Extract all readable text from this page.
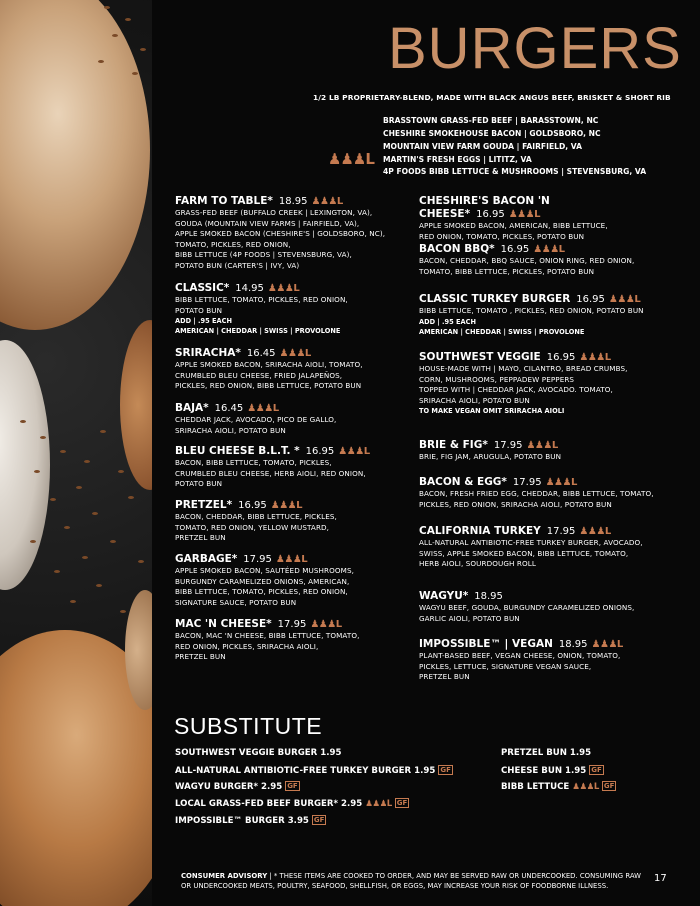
BURGERS
1/2 LB PROPRIETARY-BLEND, MADE WITH BLACK ANGUS BEEF, BRISKET & SHORT RIB
BRASSTOWN GRASS-FED BEEF | BARASSTOWN, NC
CHESHIRE SMOKEHOUSE BACON | GOLDSBORO, NC
MOUNTAIN VIEW FARM GOUDA | FAIRFIELD, VA
MARTIN'S FRESH EGGS | LITITZ, VA
4P FOODS BIBB LETTUCE & MUSHROOMS | STEVENSBURG, VA
♟♟♟L
FARM TO TABLE* 18.95 ♟♟♟L
GRASS-FED BEEF (BUFFALO CREEK | LEXINGTON, VA),
GOUDA (MOUNTAIN VIEW FARMS | FAIRFIELD, VA),
APPLE SMOKED BACON (CHESHIRE'S | GOLDSBORO, NC),
TOMATO, PICKLES, RED ONION,
BIBB LETTUCE (4P FOODS | STEVENSBURG, VA),
POTATO BUN (CARTER'S | IVY, VA)
CLASSIC* 14.95 ♟♟♟L
BIBB LETTUCE, TOMATO, PICKLES, RED ONION,
POTATO BUN
ADD | .95 EACH
AMERICAN | CHEDDAR | SWISS | PROVOLONE
SRIRACHA* 16.45 ♟♟♟L
APPLE SMOKED BACON, SRIRACHA AIOLI, TOMATO,
CRUMBLED BLEU CHEESE, FRIED JALAPEÑOS,
PICKLES, RED ONION, BIBB LETTUCE, POTATO BUN
BAJA* 16.45 ♟♟♟L
CHEDDAR JACK, AVOCADO, PICO DE GALLO,
SRIRACHA AIOLI, POTATO BUN
BLEU CHEESE B.L.T. * 16.95 ♟♟♟L
BACON, BIBB LETTUCE, TOMATO, PICKLES,
CRUMBLED BLEU CHEESE, HERB AIOLI, RED ONION,
POTATO BUN
PRETZEL* 16.95 ♟♟♟L
BACON, CHEDDAR, BIBB LETTUCE, PICKLES,
TOMATO, RED ONION, YELLOW MUSTARD,
PRETZEL BUN
GARBAGE* 17.95 ♟♟♟L
APPLE SMOKED BACON, SAUTÉED MUSHROOMS,
BURGUNDY CARAMELIZED ONIONS, AMERICAN,
BIBB LETTUCE, TOMATO, PICKLES, RED ONION,
SIGNATURE SAUCE, POTATO BUN
MAC 'N CHEESE* 17.95 ♟♟♟L
BACON, MAC 'N CHEESE, BIBB LETTUCE, TOMATO,
RED ONION, PICKLES, SRIRACHA AIOLI,
PRETZEL BUN
CHESHIRE'S BACON 'N CHEESE* 16.95 ♟♟♟L
APPLE SMOKED BACON, AMERICAN, BIBB LETTUCE,
RED ONION, TOMATO, PICKLES, POTATO BUN
BACON BBQ* 16.95 ♟♟♟L
BACON, CHEDDAR, BBQ SAUCE, ONION RING, RED ONION,
TOMATO, BIBB LETTUCE, PICKLES, POTATO BUN
CLASSIC TURKEY BURGER 16.95 ♟♟♟L
BIBB LETTUCE, TOMATO , PICKLES, RED ONION, POTATO BUN
ADD | .95 EACH
AMERICAN | CHEDDAR | SWISS | PROVOLONE
SOUTHWEST VEGGIE 16.95 ♟♟♟L
HOUSE-MADE WITH | MAYO, CILANTRO, BREAD CRUMBS,
CORN, MUSHROOMS, PEPPADEW PEPPERS
TOPPED WITH | CHEDDAR JACK, AVOCADO. TOMATO,
SRIRACHA AIOLI, POTATO BUN
TO MAKE VEGAN OMIT SRIRACHA AIOLI
BRIE & FIG* 17.95 ♟♟♟L
BRIE, FIG JAM, ARUGULA, POTATO BUN
BACON & EGG* 17.95 ♟♟♟L
BACON, FRESH FRIED EGG, CHEDDAR, BIBB LETTUCE, TOMATO,
PICKLES, RED ONION, SRIRACHA AIOLI, POTATO BUN
CALIFORNIA TURKEY 17.95 ♟♟♟L
ALL-NATURAL ANTIBIOTIC-FREE TURKEY BURGER, AVOCADO,
SWISS, APPLE SMOKED BACON, BIBB LETTUCE, TOMATO,
HERB AIOLI, SOURDOUGH ROLL
WAGYU* 18.95
WAGYU BEEF, GOUDA, BURGUNDY CARAMELIZED ONIONS,
GARLIC AIOLI, POTATO BUN
IMPOSSIBLE™ | VEGAN 18.95 ♟♟♟L
PLANT-BASED BEEF, VEGAN CHEESE, ONION, TOMATO,
PICKLES, LETTUCE, SIGNATURE VEGAN SAUCE,
PRETZEL BUN
SUBSTITUTE
SOUTHWEST VEGGIE BURGER 1.95
ALL-NATURAL ANTIBIOTIC-FREE TURKEY BURGER 1.95 GF
WAGYU BURGER* 2.95 GF
LOCAL GRASS-FED BEEF BURGER* 2.95 ♟♟♟L GF
IMPOSSIBLE™ BURGER 3.95 GF
PRETZEL BUN 1.95
CHEESE BUN 1.95 GF
BIBB LETTUCE ♟♟♟L GF
CONSUMER ADVISORY | * THESE ITEMS ARE COOKED TO ORDER, AND MAY BE SERVED RAW OR UNDERCOOKED. CONSUMING RAW OR UNDERCOOKED MEATS, POULTRY, SEAFOOD, SHELLFISH, OR EGGS, MAY INCREASE YOUR RISK OF FOODBORNE ILLNESS.
17
